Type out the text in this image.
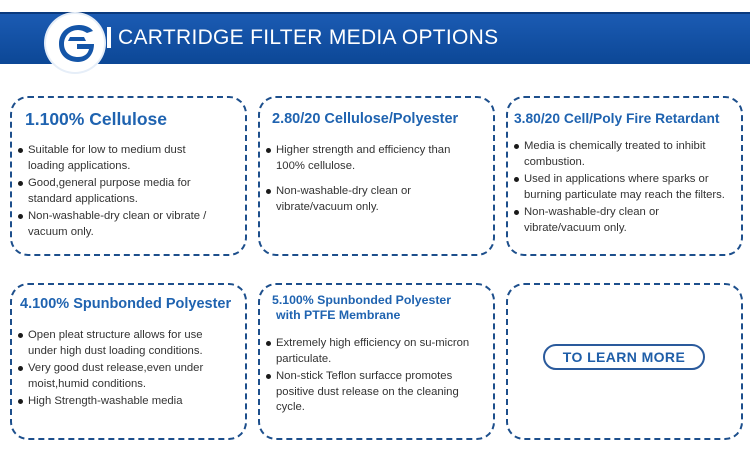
CARTRIDGE FILTER MEDIA OPTIONS
1.100% Cellulose
Suitable for low to medium dust loading applications.
Good,general purpose media for standard applications.
Non-washable-dry clean or vibrate / vacuum only.
2.80/20 Cellulose/Polyester
Higher strength and efficiency than 100% cellulose.
Non-washable-dry clean or vibrate/vacuum only.
3.80/20 Cell/Poly Fire Retardant
Media is chemically treated to inhibit combustion.
Used in applications where sparks or burning particulate may reach the filters.
Non-washable-dry clean or vibrate/vacuum only.
4.100% Spunbonded Polyester
Open pleat structure allows for use under high dust loading conditions.
Very good dust release,even under moist,humid conditions.
High Strength-washable media
5.100% Spunbonded Polyester
with PTFE Membrane
Extremely high efficiency on su-micron particulate.
Non-stick Teflon surfacce promotes positive dust release on the cleaning cycle.
TO LEARN MORE
